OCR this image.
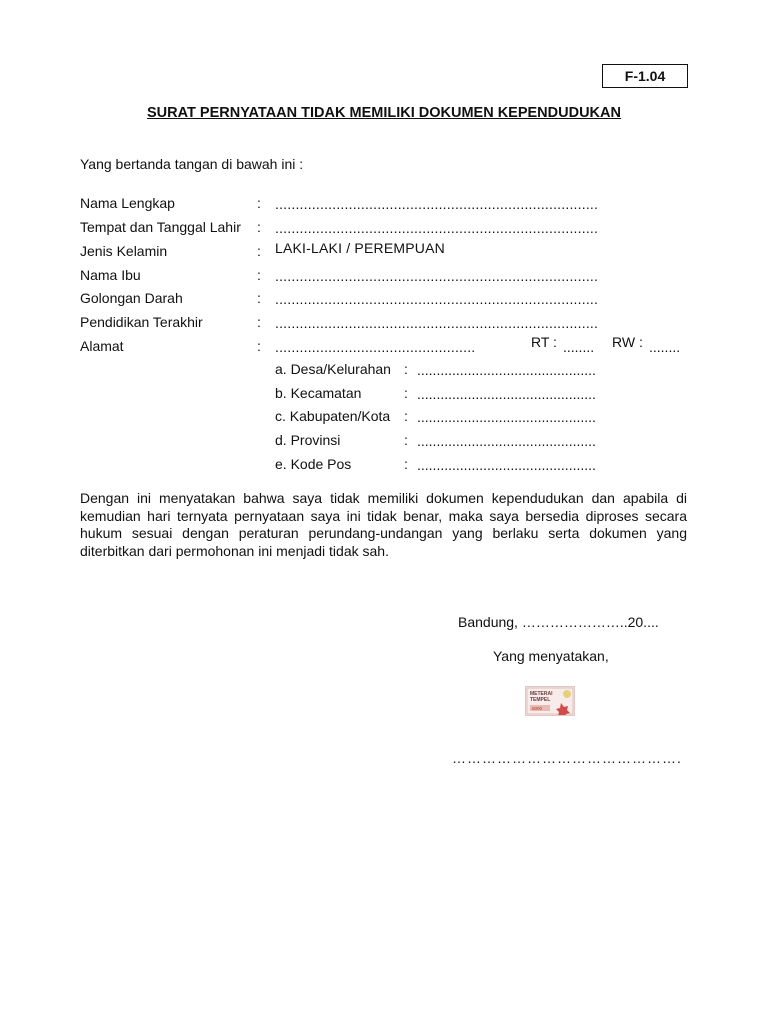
F-1.04
SURAT PERNYATAAN TIDAK MEMILIKI DOKUMEN KEPENDUDUKAN
Yang bertanda tangan di bawah ini :
Nama Lengkap	: ...............................................................................
Tempat dan Tanggal Lahir : ...............................................................................
Jenis Kelamin	: LAKI-LAKI / PEREMPUAN
Nama Ibu	: ...............................................................................
Golongan Darah	: ...............................................................................
Pendidikan Terakhir	: ...............................................................................
Alamat	: .................................................	RT : ........ RW : ........
a. Desa/Kelurahan : ..............................................
b. Kecamatan	: ..............................................
c. Kabupaten/Kota : ..............................................
d. Provinsi	: ..............................................
e. Kode Pos	: ..............................................
Dengan ini menyatakan bahwa saya tidak memiliki dokumen kependudukan dan apabila di kemudian hari ternyata pernyataan saya ini tidak benar, maka saya bersedia diproses secara hukum sesuai dengan peraturan perundang-undangan yang berlaku serta dokumen yang diterbitkan dari permohonan ini menjadi tidak sah.
Bandung, …………………..20....
Yang menyatakan,
METERAI
TEMPEL
6000
……………………………………….
